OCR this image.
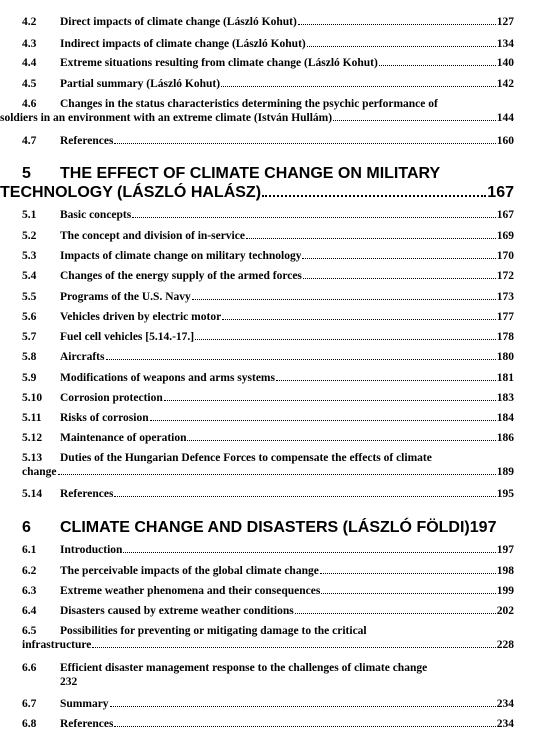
4.2	Direct impacts of climate change (László Kohut)	127
4.3	Indirect impacts of climate change (László Kohut)	134
4.4	Extreme situations resulting from climate change (László Kohut)	140
4.5	Partial summary (László Kohut)	142
4.6	Changes in the status characteristics determining the psychic performance of
soldiers in an environment with an extreme climate (István Hullám)	144
4.7	References	160
5 THE EFFECT OF CLIMATE CHANGE ON MILITARY
TECHNOLOGY (LÁSZLÓ HALÁSZ)	167
5.1	Basic concepts	167
5.2	The concept and division of in-service	169
5.3	Impacts of climate change on military technology	170
5.4	Changes of the energy supply of the armed forces	172
5.5	Programs of the U.S. Navy	173
5.6	Vehicles driven by electric motor	177
5.7	Fuel cell vehicles [5.14.-17.]	178
5.8	Aircrafts	180
5.9	Modifications of weapons and arms systems	181
5.10	Corrosion protection	183
5.11	Risks of corrosion	184
5.12	Maintenance of operation	186
5.13	Duties of the Hungarian Defence Forces to compensate the effects of climate
change	189
5.14	References	195
6	CLIMATE CHANGE AND DISASTERS (LÁSZLÓ FÖLDI) 197
6.1	Introduction	197
6.2	The perceivable impacts of the global climate change	198
6.3	Extreme weather phenomena and their consequences	199
6.4	Disasters caused by extreme weather conditions	202
6.5	Possibilities for preventing or mitigating damage to the critical
infrastructure	228
6.6	Efficient disaster management response to the challenges of climate change
232
6.7	Summary	234
6.8	References	234
